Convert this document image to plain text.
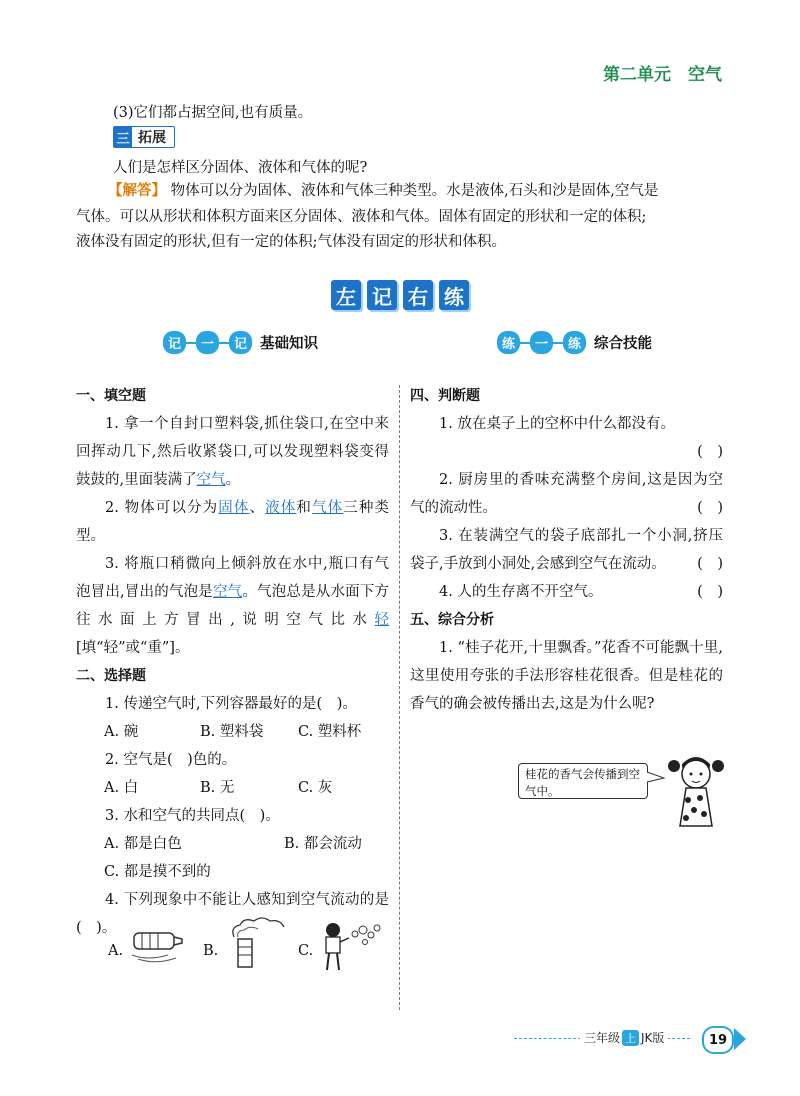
第二单元　空气
(3)它们都占据空间,也有质量。
三 拓展
人们是怎样区分固体、液体和气体的呢?
【解答】 物体可以分为固体、液体和气体三种类型。水是液体,石头和沙是固体,空气是
气体。可以从形状和体积方面来区分固体、液体和气体。固体有固定的形状和一定的体积;
液体没有固定的形状,但有一定的体积;气体没有固定的形状和体积。
左 记 右 练
记	一	记 基础知识	练	一	练 综合技能
一、填空题
1. 拿一个自封口塑料袋,抓住袋口,在空中来回挥动几下,然后收紧袋口,可以发现塑料袋变得鼓鼓的,里面装满了空气。
2. 物体可以分为固体、液体和气体三种类型。
3. 将瓶口稍微向上倾斜放在水中,瓶口有气泡冒出,冒出的气泡是空气。气泡总是从水面下方往水面上方冒出,说明空气比水轻[填“轻”或“重”]。
二、选择题
1. 传递空气时,下列容器最好的是(　)。
A. 碗	B. 塑料袋	C. 塑料杯
2. 空气是(　)色的。
A. 白	B. 无	C. 灰
3. 水和空气的共同点(　)。
A. 都是白色	B. 都会流动
C. 都是摸不到的
4. 下列现象中不能让人感知到空气流动的是(　)。
A.	B.	C.
四、判断题
1. 放在桌子上的空杯中什么都没有。
(　)
2. 厨房里的香味充满整个房间,这是因为空气的流动性。	(　)
3. 在装满空气的袋子底部扎一个小洞,挤压袋子,手放到小洞处,会感到空气在流动。	(　)
4. 人的生存离不开空气。	(　)
五、综合分析
1. “桂子花开,十里飘香。”花香不可能飘十里,这里使用夸张的手法形容桂花很香。但是桂花的香气的确会被传播出去,这是为什么呢?
桂花的香气会传播到空气中。
三年级 上 JK版	19
